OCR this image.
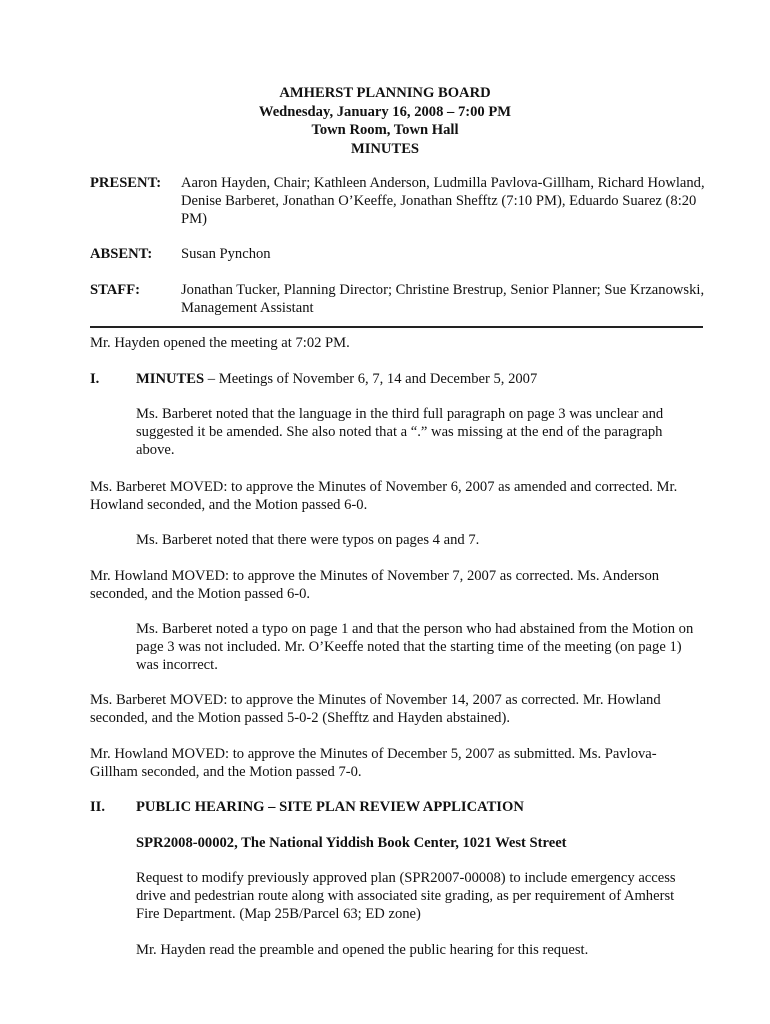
AMHERST PLANNING BOARD
Wednesday, January 16, 2008 – 7:00 PM
Town Room, Town Hall
MINUTES
PRESENT:	Aaron Hayden, Chair; Kathleen Anderson, Ludmilla Pavlova-Gillham, Richard Howland, Denise Barberet, Jonathan O’Keeffe, Jonathan Shefftz (7:10 PM), Eduardo Suarez (8:20 PM)
ABSENT:	Susan Pynchon
STAFF:	Jonathan Tucker, Planning Director; Christine Brestrup, Senior Planner; Sue Krzanowski, Management Assistant
Mr. Hayden opened the meeting at 7:02 PM.
I.	MINUTES – Meetings of November 6, 7, 14 and December 5, 2007
Ms. Barberet noted that the language in the third full paragraph on page 3 was unclear and suggested it be amended. She also noted that a “.” was missing at the end of the paragraph above.
Ms. Barberet MOVED: to approve the Minutes of November 6, 2007 as amended and corrected. Mr. Howland seconded, and the Motion passed 6-0.
Ms. Barberet noted that there were typos on pages 4 and 7.
Mr. Howland MOVED: to approve the Minutes of November 7, 2007 as corrected. Ms. Anderson seconded, and the Motion passed 6-0.
Ms. Barberet noted a typo on page 1 and that the person who had abstained from the Motion on page 3 was not included. Mr. O’Keeffe noted that the starting time of the meeting (on page 1) was incorrect.
Ms. Barberet MOVED: to approve the Minutes of November 14, 2007 as corrected. Mr. Howland seconded, and the Motion passed 5-0-2 (Shefftz and Hayden abstained).
Mr. Howland MOVED: to approve the Minutes of December 5, 2007 as submitted. Ms. Pavlova-Gillham seconded, and the Motion passed 7-0.
II. PUBLIC HEARING – SITE PLAN REVIEW APPLICATION
SPR2008-00002, The National Yiddish Book Center, 1021 West Street
Request to modify previously approved plan (SPR2007-00008) to include emergency access drive and pedestrian route along with associated site grading, as per requirement of Amherst Fire Department. (Map 25B/Parcel 63; ED zone)
Mr. Hayden read the preamble and opened the public hearing for this request.
